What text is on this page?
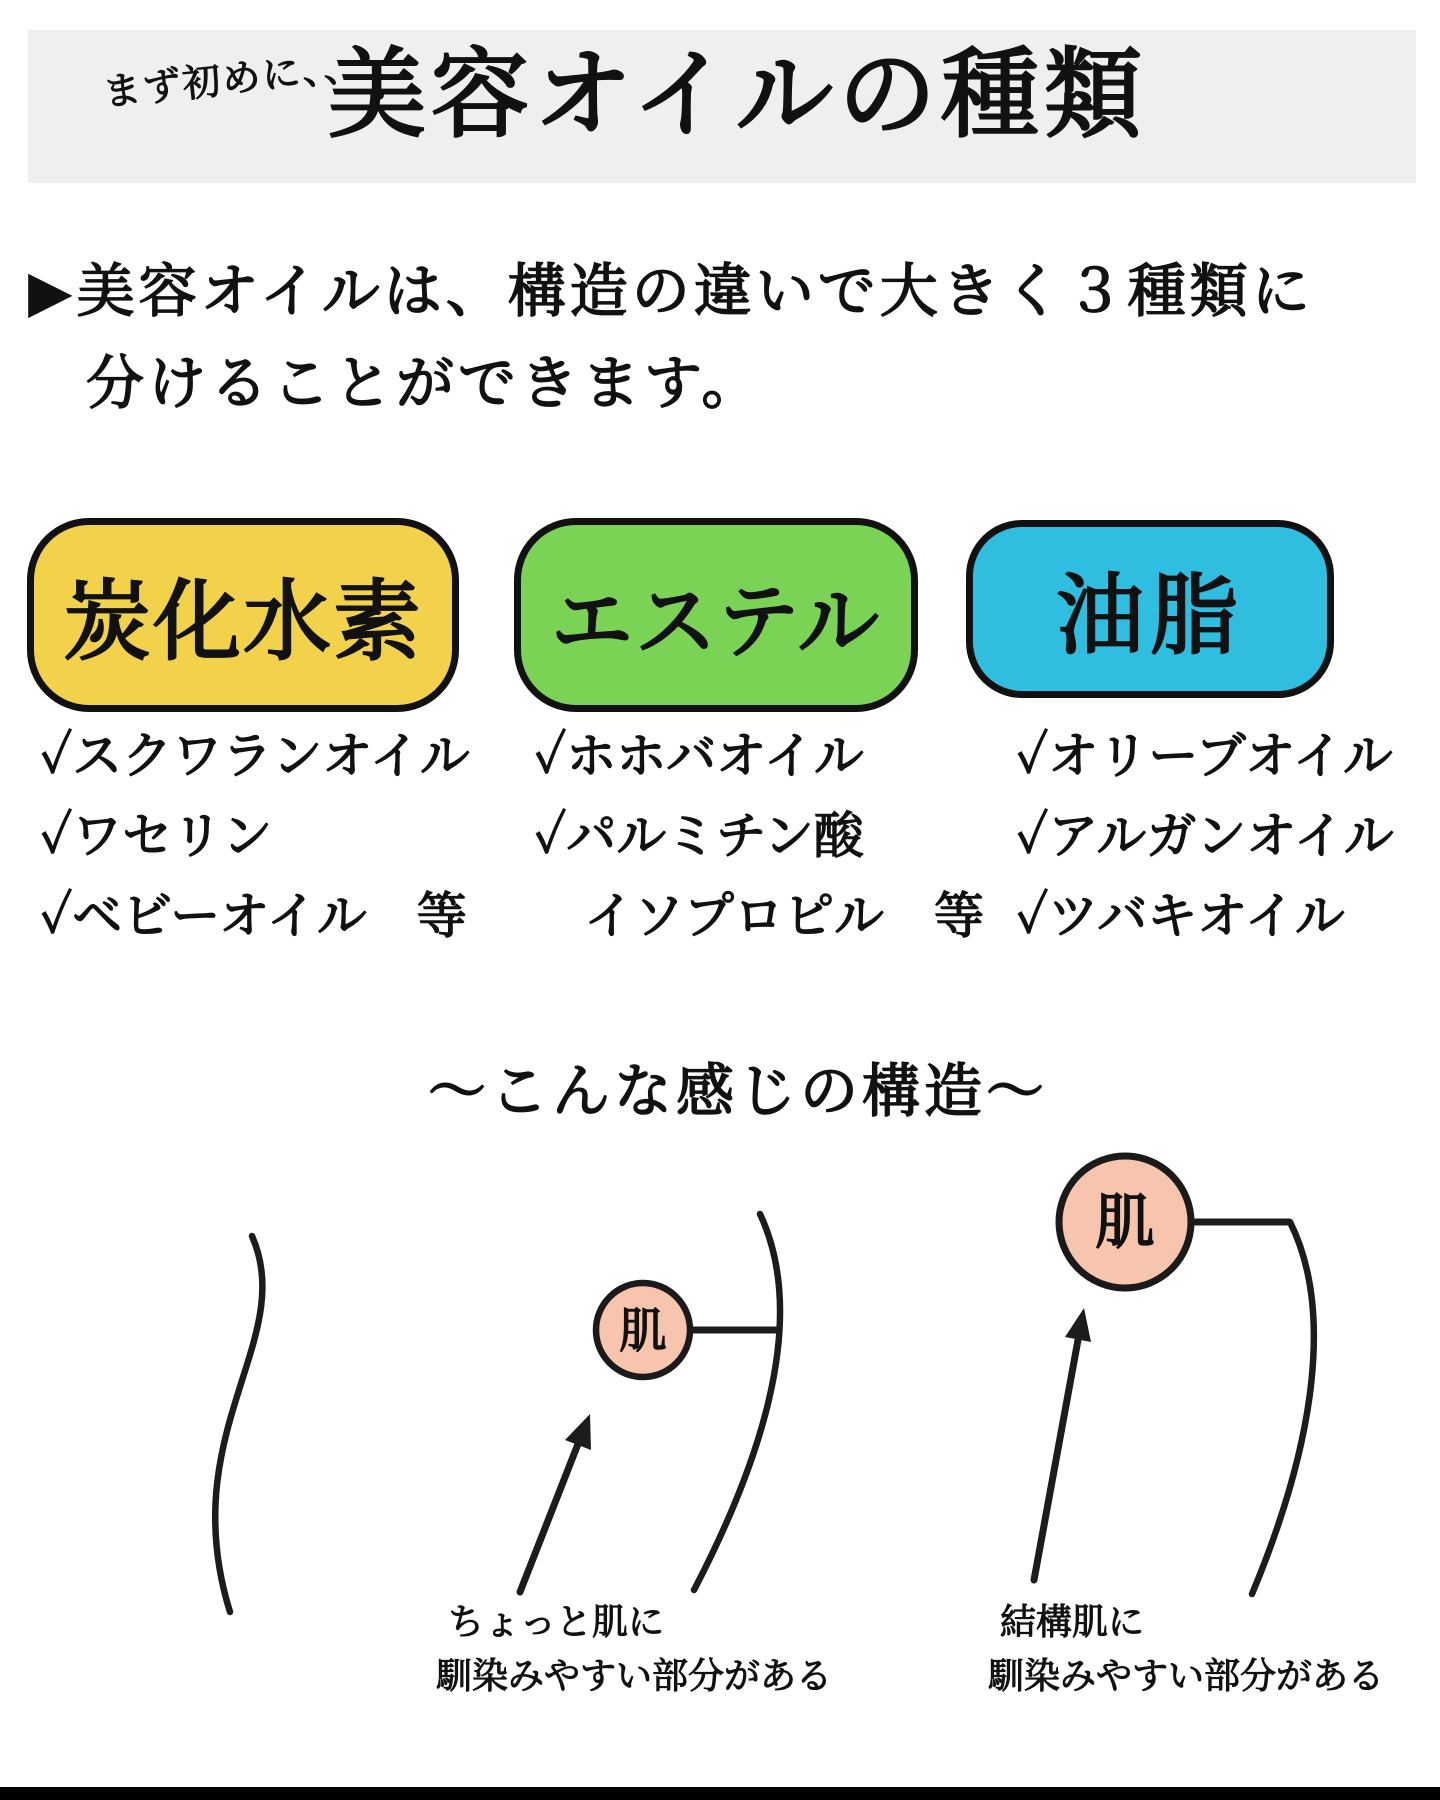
まず初めに、、
美容オイルの種類
▶美容オイルは、構造の違いで大きく３種類に
分けることができます。
炭化水素 エステル 油脂
✓スクワランオイル
✓ワセリン
✓ベビーオイル　等
✓ホホバオイル
✓パルミチン酸
　イソプロピル　等
✓オリーブオイル
✓アルガンオイル
✓ツバキオイル
〜こんな感じの構造〜
肌
肌
ちょっと肌に
馴染みやすい部分がある
結構肌に
馴染みやすい部分がある
